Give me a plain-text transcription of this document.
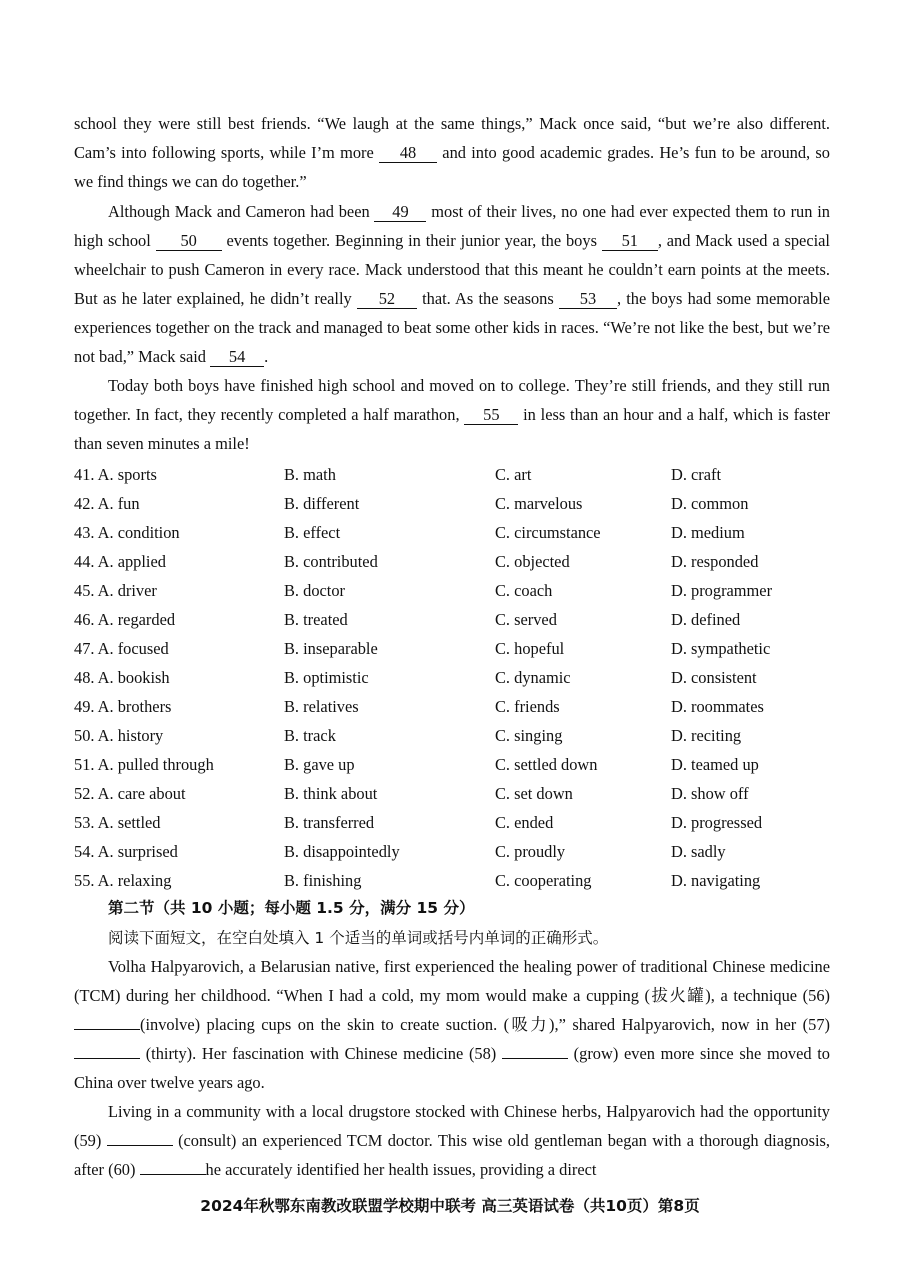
school they were still best friends. “We laugh at the same things,” Mack once said, “but we’re also different. Cam’s into following sports, while I’m more 48 and into good academic grades. He’s fun to be around, so we find things we can do together.”

Although Mack and Cameron had been 49 most of their lives, no one had ever expected them to run in high school 50 events together. Beginning in their junior year, the boys 51 , and Mack used a special wheelchair to push Cameron in every race. Mack understood that this meant he couldn’t earn points at the meets. But as he later explained, he didn’t really 52 that. As the seasons 53 , the boys had some memorable experiences together on the track and managed to beat some other kids in races. “We’re not like the best, but we’re not bad,” Mack said 54 .

Today both boys have finished high school and moved on to college. They’re still friends, and they still run together. In fact, they recently completed a half marathon, 55 in less than an hour and a half, which is faster than seven minutes a mile!

41. A. sports	B. math	C. art	D. craft
42. A. fun	B. different	C. marvelous	D. common
43. A. condition	B. effect	C. circumstance	D. medium
44. A. applied	B. contributed	C. objected	D. responded
45. A. driver	B. doctor	C. coach	D. programmer
46. A. regarded	B. treated	C. served	D. defined
47. A. focused	B. inseparable	C. hopeful	D. sympathetic
48. A. bookish	B. optimistic	C. dynamic	D. consistent
49. A. brothers	B. relatives	C. friends	D. roommates
50. A. history	B. track	C. singing	D. reciting
51. A. pulled through	B. gave up	C. settled down	D. teamed up
52. A. care about	B. think about	C. set down	D. show off
53. A. settled	B. transferred	C. ended	D. progressed
54. A. surprised	B. disappointedly	C. proudly	D. sadly
55. A. relaxing	B. finishing	C. cooperating	D. navigating
第二节（共 10 小题；每小题 1.5 分，满分 15 分）
阅读下面短文，在空白处填入 1 个适当的单词或括号内单词的正确形式。

Volha Halpyarovich, a Belarusian native, first experienced the healing power of traditional Chinese medicine (TCM) during her childhood. “When I had a cold, my mom would make a cupping (拔火罐), a technique (56) (involve) placing cups on the skin to create suction. (吸力),” shared Halpyarovich, now in her (57)  (thirty). Her fascination with Chinese medicine (58)	(grow) even more since she moved to China over twelve years ago.

Living in a community with a local drugstore stocked with Chinese herbs, Halpyarovich had the opportunity (59)	(consult) an experienced TCM doctor. This wise old gentleman began with a thorough diagnosis, after (60)	he accurately identified her health issues, providing a direct

2024年秋鄂东南教改联盟学校期中联考 高三英语试卷（共10页）第8页
